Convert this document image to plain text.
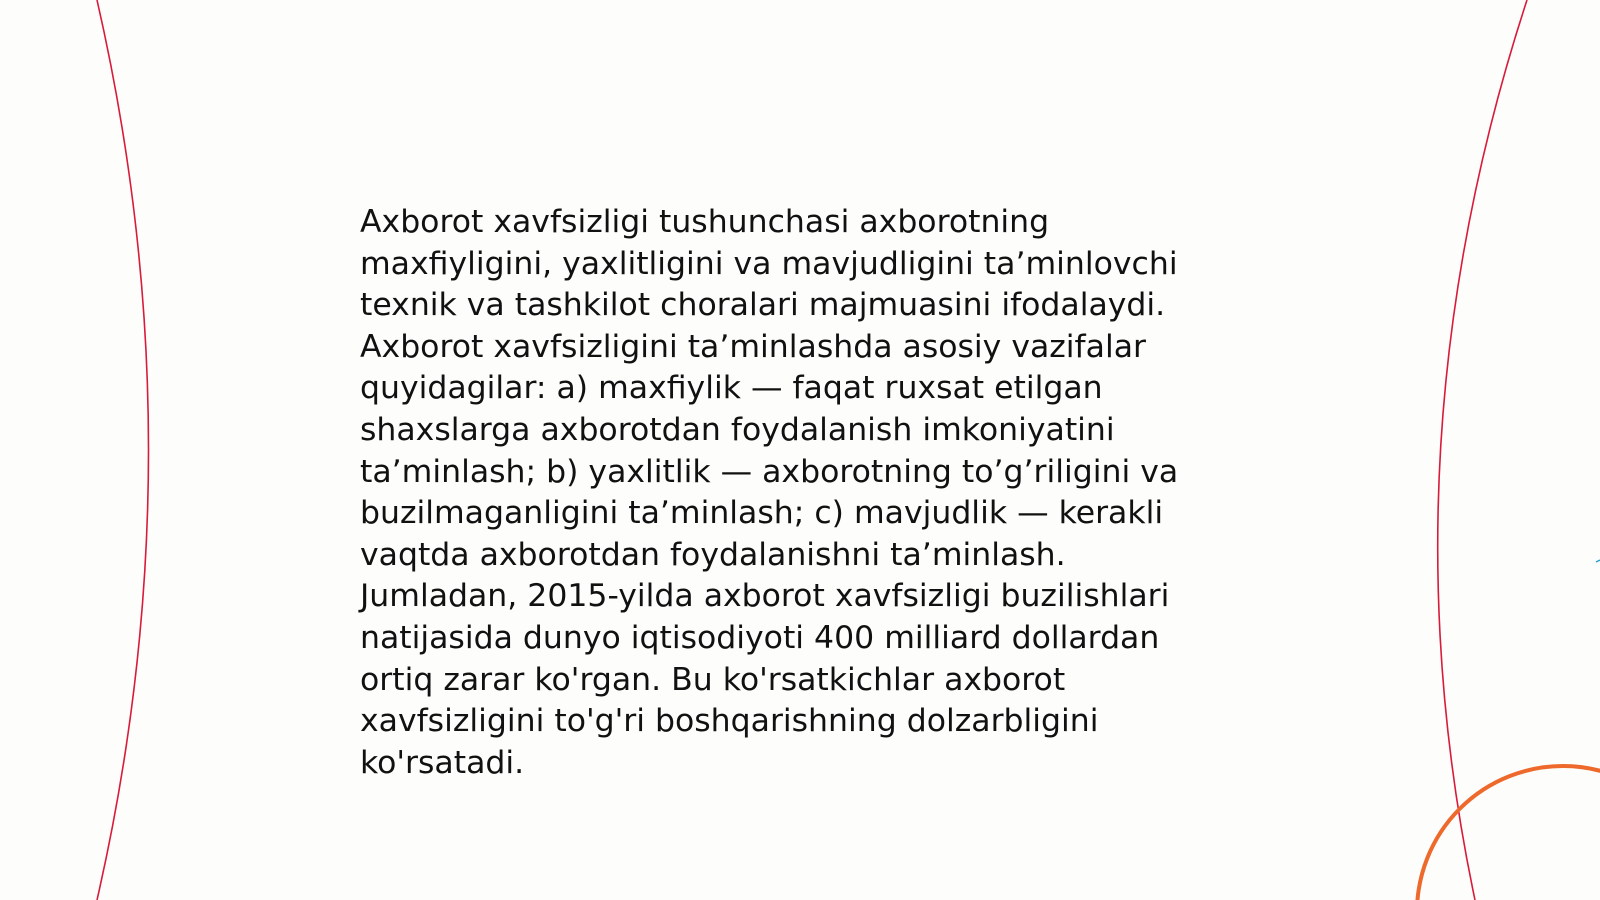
Axborot xavfsizligi tushunchasi axborotning
maxfiyligini, yaxlitligini va mavjudligini ta’minlovchi
texnik va tashkilot choralari majmuasini ifodalaydi.
Axborot xavfsizligini ta’minlashda asosiy vazifalar
quyidagilar: a) maxfiylik — faqat ruxsat etilgan
shaxslarga axborotdan foydalanish imkoniyatini
ta’minlash; b) yaxlitlik — axborotning to’g’riligini va
buzilmaganligini ta’minlash; c) mavjudlik — kerakli
vaqtda axborotdan foydalanishni ta’minlash.
Jumladan, 2015-yilda axborot xavfsizligi buzilishlari
natijasida dunyo iqtisodiyoti 400 milliard dollardan
ortiq zarar ko'rgan. Bu ko'rsatkichlar axborot
xavfsizligini to'g'ri boshqarishning dolzarbligini
ko'rsatadi.
